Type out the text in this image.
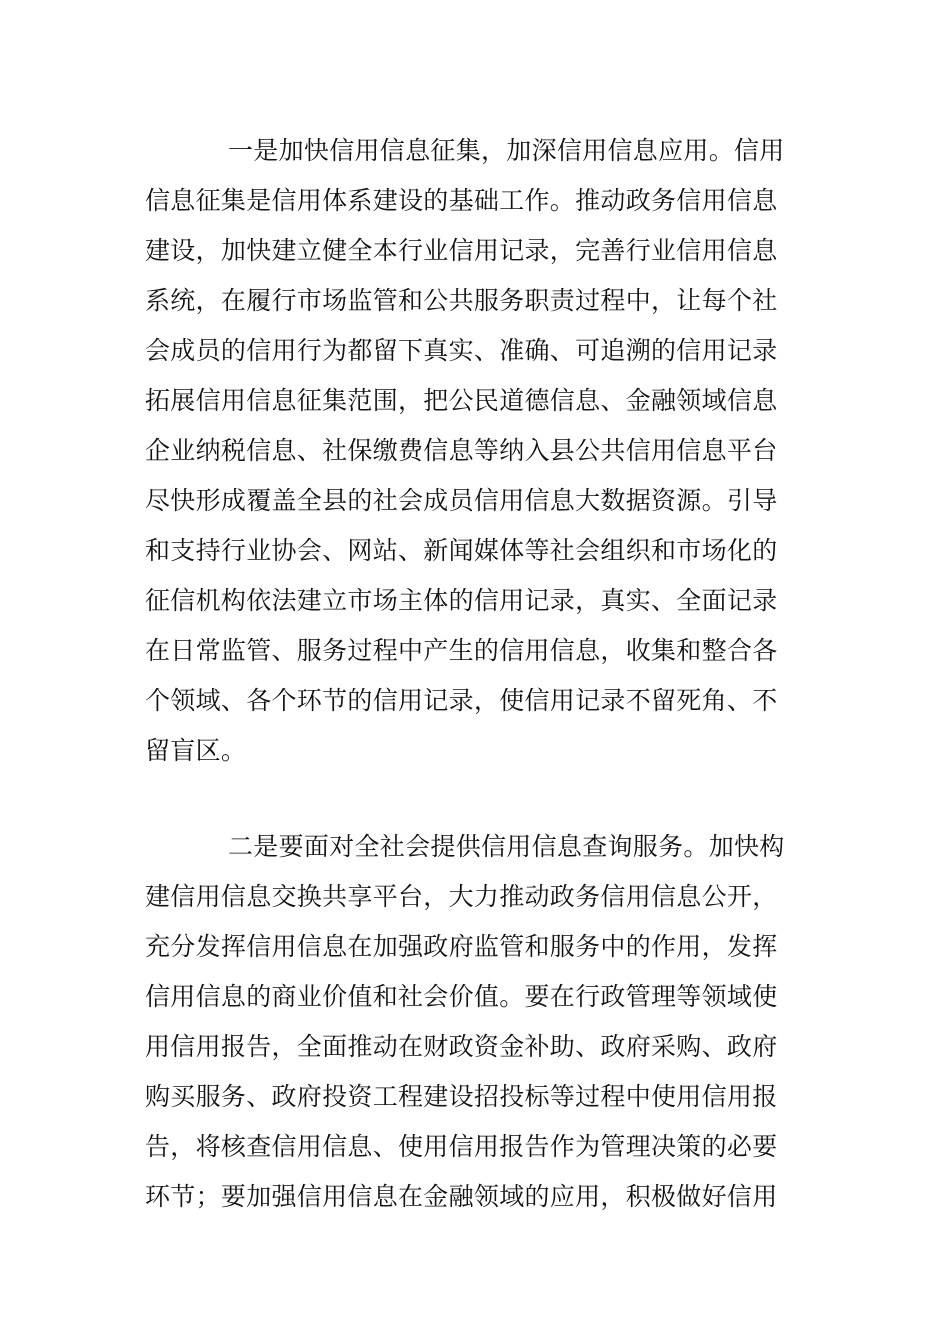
一是加快信用信息征集，加深信用信息应用。信用
信息征集是信用体系建设的基础工作。推动政务信用信息
建设，加快建立健全本行业信用记录，完善行业信用信息
系统，在履行市场监管和公共服务职责过程中，让每个社
会成员的信用行为都留下真实、准确、可追溯的信用记录
拓展信用信息征集范围，把公民道德信息、金融领域信息
企业纳税信息、社保缴费信息等纳入县公共信用信息平台
尽快形成覆盖全县的社会成员信用信息大数据资源。引导
和支持行业协会、网站、新闻媒体等社会组织和市场化的
征信机构依法建立市场主体的信用记录，真实、全面记录
在日常监管、服务过程中产生的信用信息，收集和整合各
个领域、各个环节的信用记录，使信用记录不留死角、不
留盲区。
二是要面对全社会提供信用信息查询服务。加快构
建信用信息交换共享平台，大力推动政务信用信息公开，
充分发挥信用信息在加强政府监管和服务中的作用，发挥
信用信息的商业价值和社会价值。要在行政管理等领域使
用信用报告，全面推动在财政资金补助、政府采购、政府
购买服务、政府投资工程建设招投标等过程中使用信用报
告，将核查信用信息、使用信用报告作为管理决策的必要
环节；要加强信用信息在金融领域的应用，积极做好信用
